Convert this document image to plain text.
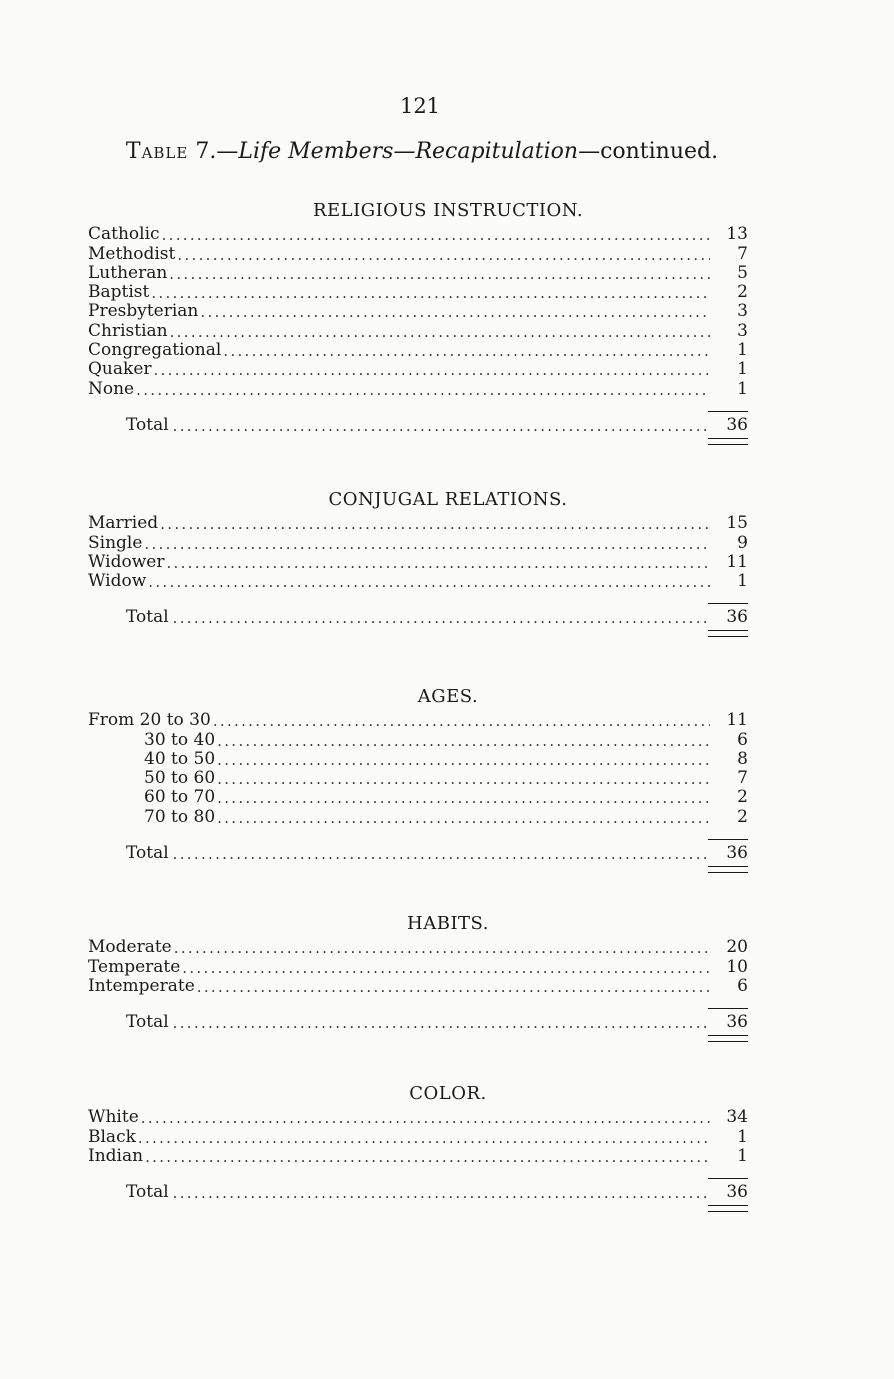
121
Table 7.—Life Members—Recapitulation—continued.
RELIGIOUS INSTRUCTION.
Catholic .....	13
Methodist .....	7
Lutheran .....	5
Baptist .....	2
Presbyterian .....	3
Christian .....	3
Congregational .....	1
Quaker .....	1
None .....	1
Total .....	36
CONJUGAL RELATIONS.
Married .....	15
Single .....	9
Widower .....	11
Widow .....	1
Total .....	36
AGES.
From 20 to 30 .....	11
30 to 40 .....	6
40 to 50 .....	8
50 to 60 .....	7
60 to 70 .....	2
70 to 80 .....	2
Total .....	36
HABITS.
Moderate .....	20
Temperate .....	10
Intemperate .....	6
Total .....	36
COLOR.
White .....	34
Black .....	1
Indian .....	1
Total .....	36
